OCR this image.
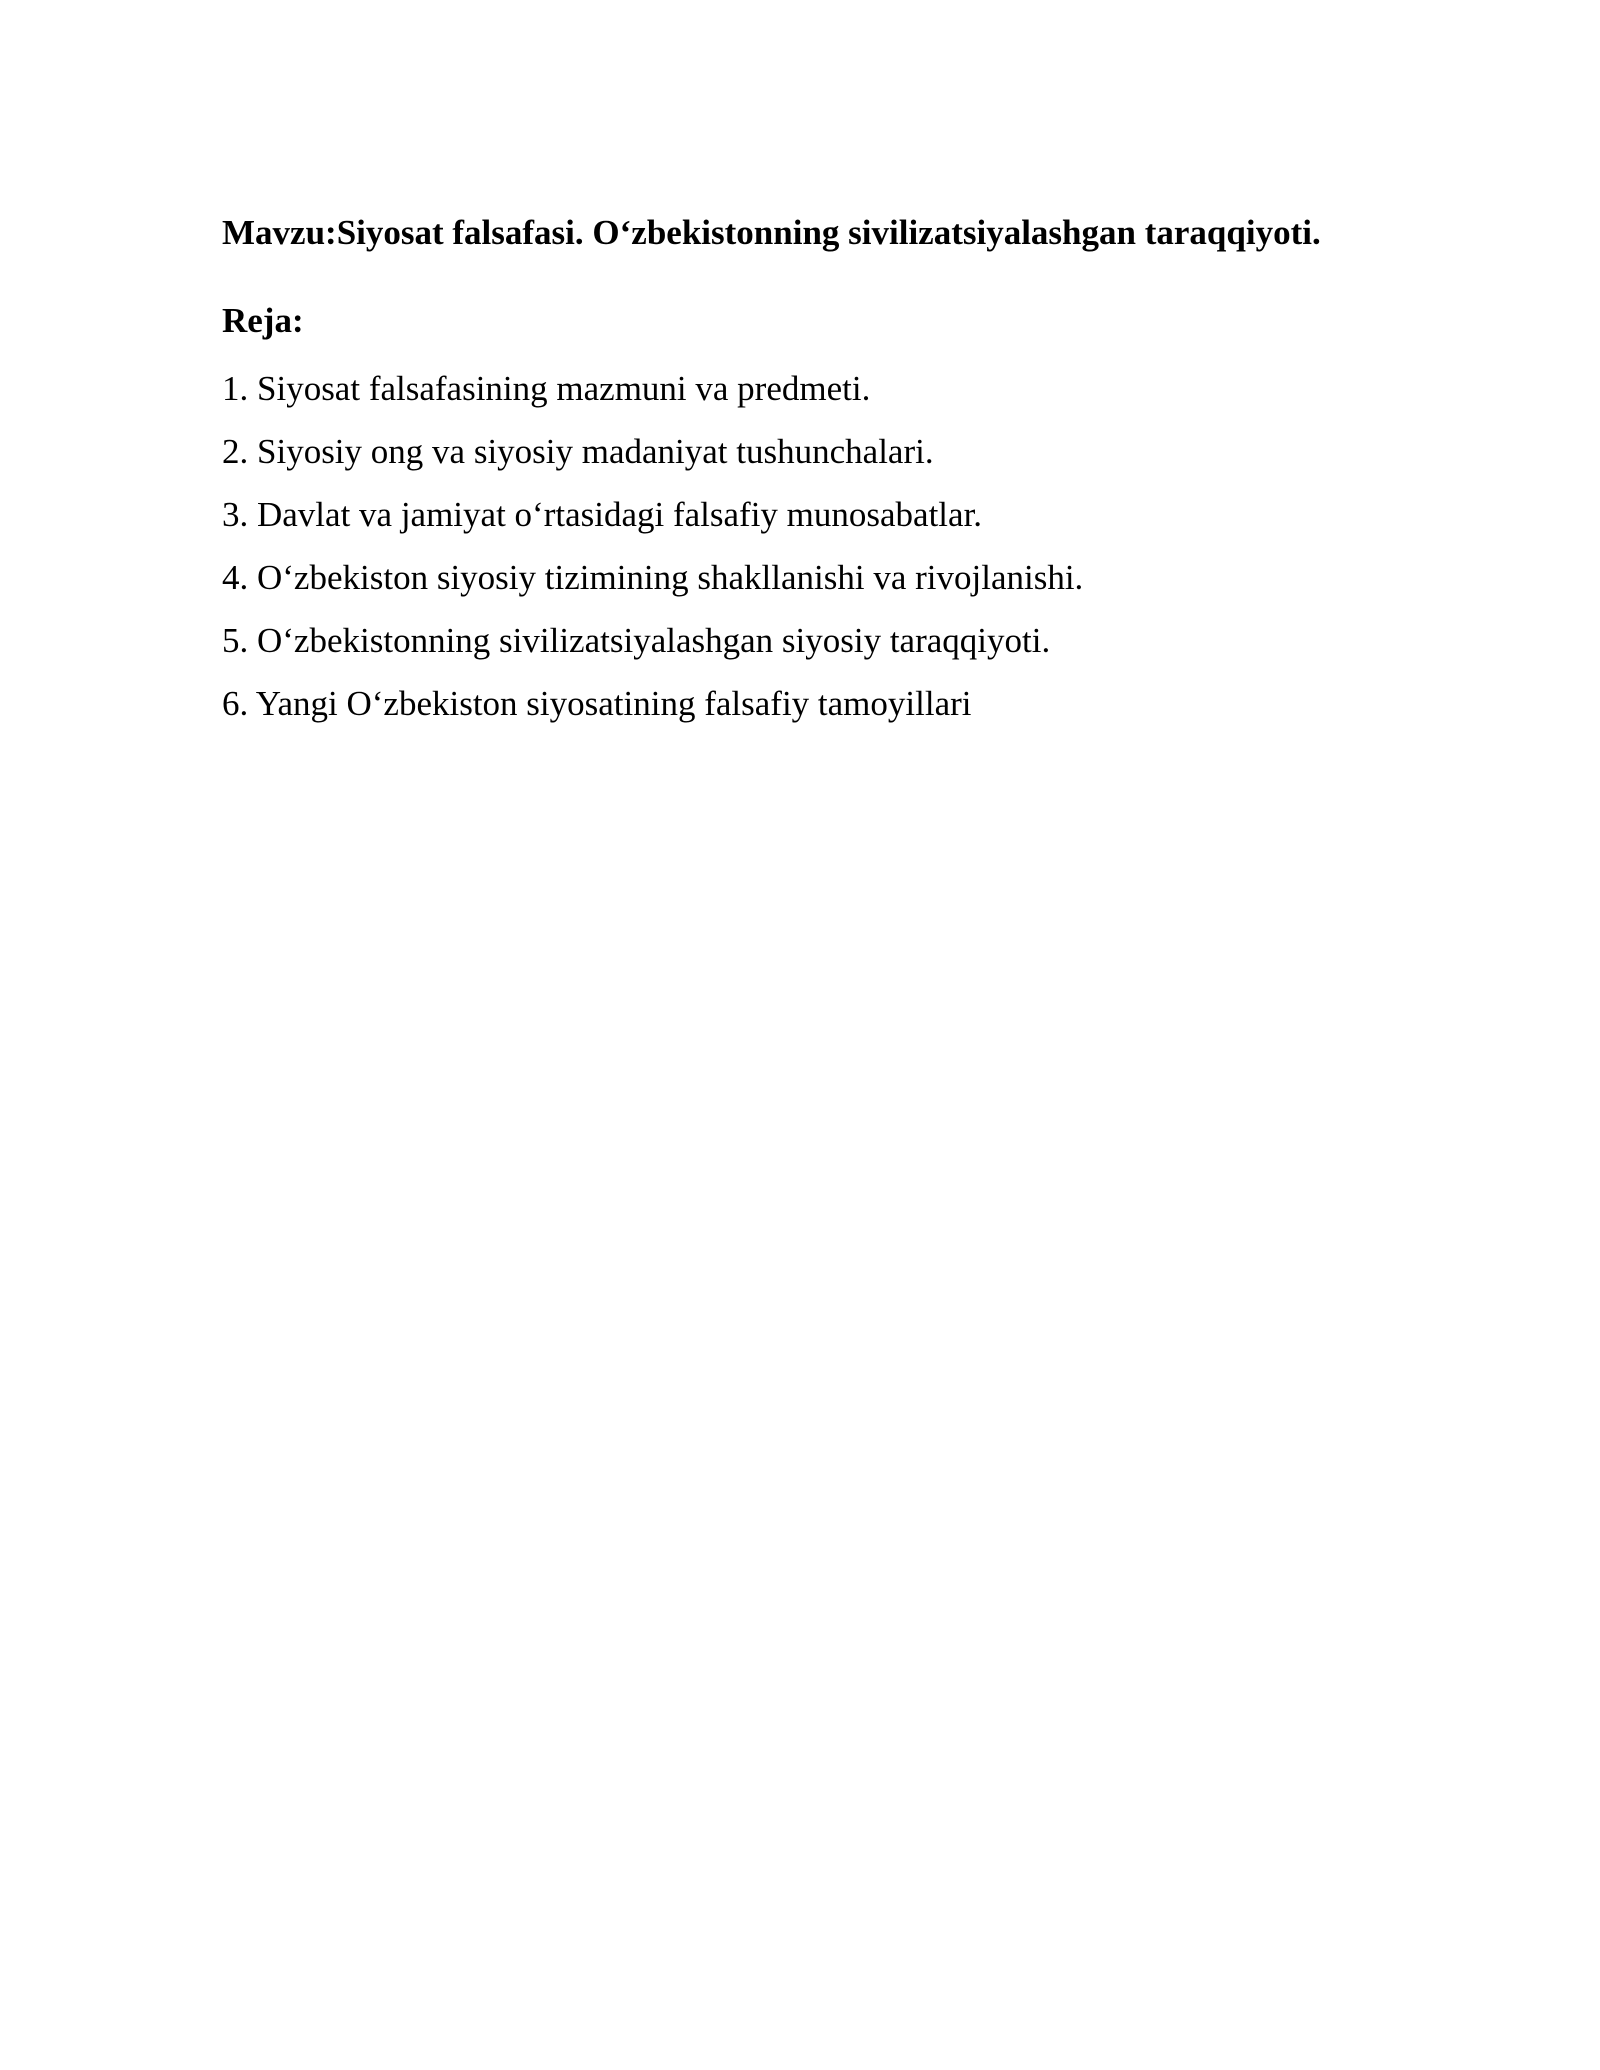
Mavzu:Siyosat falsafasi. O‘zbekistonning sivilizatsiyalashgan taraqqiyoti.

Reja:

1. Siyosat falsafasining mazmuni va predmeti.
2. Siyosiy ong va siyosiy madaniyat tushunchalari.
3. Davlat va jamiyat o‘rtasidagi falsafiy munosabatlar.
4. O‘zbekiston siyosiy tizimining shakllanishi va rivojlanishi.
5. O‘zbekistonning sivilizatsiyalashgan siyosiy taraqqiyoti.
6. Yangi O‘zbekiston siyosatining falsafiy tamoyillari
